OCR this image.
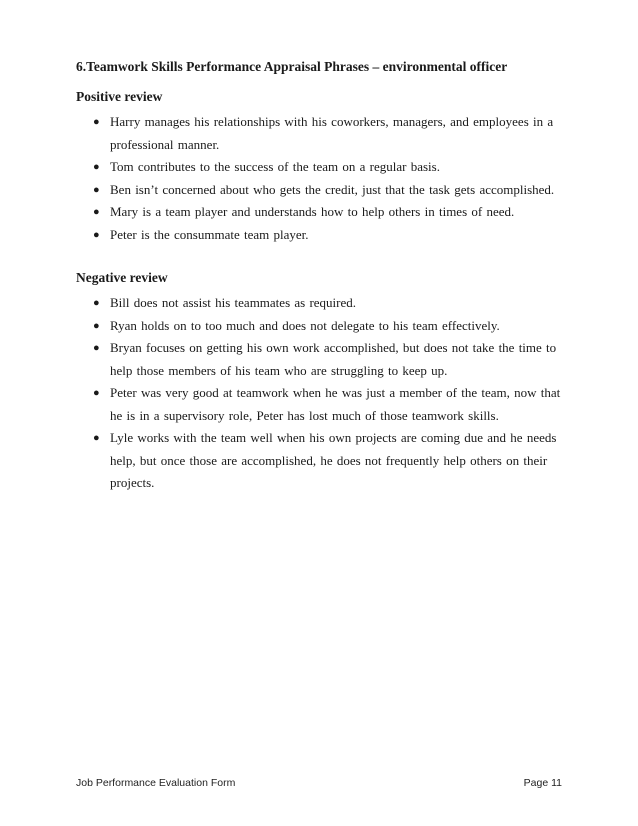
6.Teamwork Skills Performance Appraisal Phrases – environmental officer
Positive review
● Harry manages his relationships with his coworkers, managers, and employees in a professional manner.
● Tom contributes to the success of the team on a regular basis.
● Ben isn’t concerned about who gets the credit, just that the task gets accomplished.
● Mary is a team player and understands how to help others in times of need.
● Peter is the consummate team player.
Negative review
● Bill does not assist his teammates as required.
● Ryan holds on to too much and does not delegate to his team effectively.
● Bryan focuses on getting his own work accomplished, but does not take the time to help those members of his team who are struggling to keep up.
● Peter was very good at teamwork when he was just a member of the team, now that he is in a supervisory role, Peter has lost much of those teamwork skills.
● Lyle works with the team well when his own projects are coming due and he needs help, but once those are accomplished, he does not frequently help others on their projects.
Job Performance Evaluation Form	Page 11
